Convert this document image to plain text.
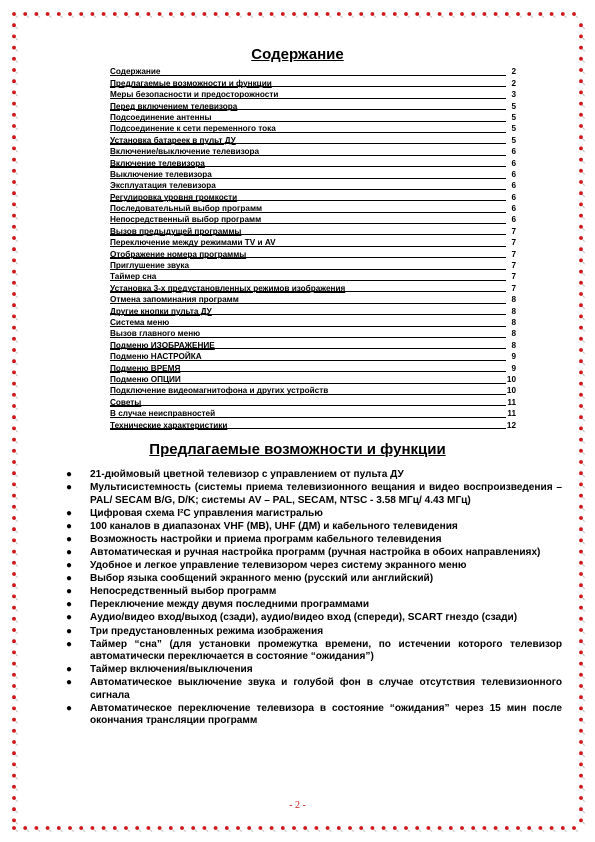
Содержание
Содержание	2
Предлагаемые возможности и функции	2
Меры безопасности и предосторожности	3
Перед включением телевизора	5
Подсоединение антенны	5
Подсоединение к сети переменного тока	5
Установка батареек в пульт ДУ	5
Включение/выключение телевизора	6
Включение телевизора	6
Выключение телевизора	6
Эксплуатация телевизора	6
Регулировка уровня громкости	6
Последовательный выбор программ	6
Непосредственный выбор программ	6
Вызов предыдущей программы	7
Переключение между режимами TV и AV	7
Отображение номера программы	7
Приглушение звука	7
Таймер сна	7
Установка 3-х предустановленных режимов изображения	7
Отмена запоминания программ	8
Другие кнопки пульта ДУ	8
Система меню	8
Вызов главного меню	8
Подменю ИЗОБРАЖЕНИЕ	8
Подменю НАСТРОЙКА	9
Подменю ВРЕМЯ	9
Подменю ОПЦИИ	10
Подключение видеомагнитофона и других устройств	10
Советы	11
В случае неисправностей	11
Технические характеристики	12
Предлагаемые возможности и функции
● 21-дюймовый цветной телевизор с управлением от пульта ДУ
● Мультисистемность (системы приема телевизионного вещания и видео воспроизведения – PAL/ SECAM B/G, D/K; системы AV – PAL, SECAM, NTSC - 3.58 МГц/ 4.43 МГц)
● Цифровая схема I²C управления магистралью
● 100 каналов в диапазонах VHF (МВ), UHF (ДМ) и кабельного телевидения
● Возможность настройки и приема программ кабельного телевидения
● Автоматическая и ручная настройка программ (ручная настройка в обоих направлениях)
● Удобное и легкое управление телевизором через систему экранного меню
● Выбор языка сообщений экранного меню (русский или английский)
● Непосредственный выбор программ
● Переключение между двумя последними программами
● Аудио/видео вход/выход (сзади), аудио/видео вход (спереди), SCART гнездо (сзади)
● Три предустановленных режима изображения
● Таймер “сна” (для установки промежутка времени, по истечении которого телевизор автоматически переключается в состояние “ожидания”)
● Таймер включения/выключения
● Автоматическое выключение звука и голубой фон в случае отсутствия телевизионного сигнала
● Автоматическое переключение телевизора в состояние “ожидания” через 15 мин после окончания трансляции программ
- 2 -
